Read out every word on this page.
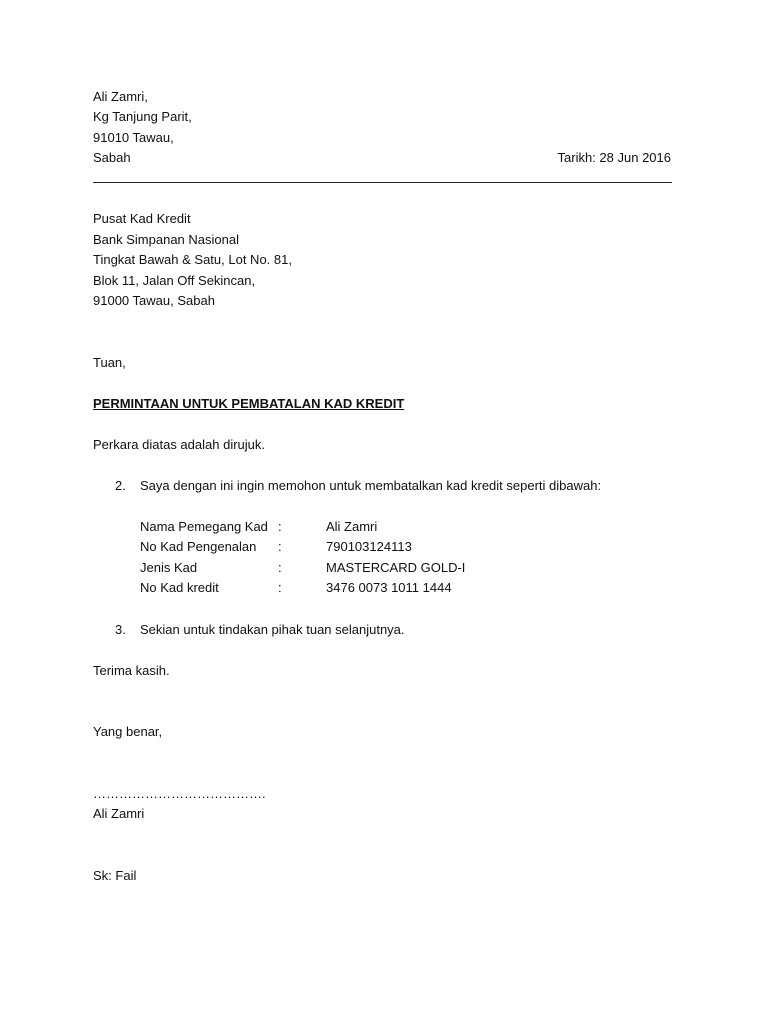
Ali Zamri,
Kg Tanjung Parit,
91010 Tawau,
Sabah	Tarikh: 28 Jun 2016
Pusat Kad Kredit
Bank Simpanan Nasional
Tingkat Bawah & Satu, Lot No. 81,
Blok 11, Jalan Off Sekincan,
91000 Tawau, Sabah
Tuan,
PERMINTAAN UNTUK PEMBATALAN KAD KREDIT
Perkara diatas adalah dirujuk.
2. Saya dengan ini ingin memohon untuk membatalkan kad kredit seperti dibawah:
Nama Pemegang Kad :	Ali Zamri
No Kad Pengenalan :	790103124113
Jenis Kad	:	MASTERCARD GOLD-I
No Kad kredit	:	3476 0073 1011 1444
3. Sekian untuk tindakan pihak tuan selanjutnya.
Terima kasih.
Yang benar,
………………………………….
Ali Zamri
Sk: Fail
